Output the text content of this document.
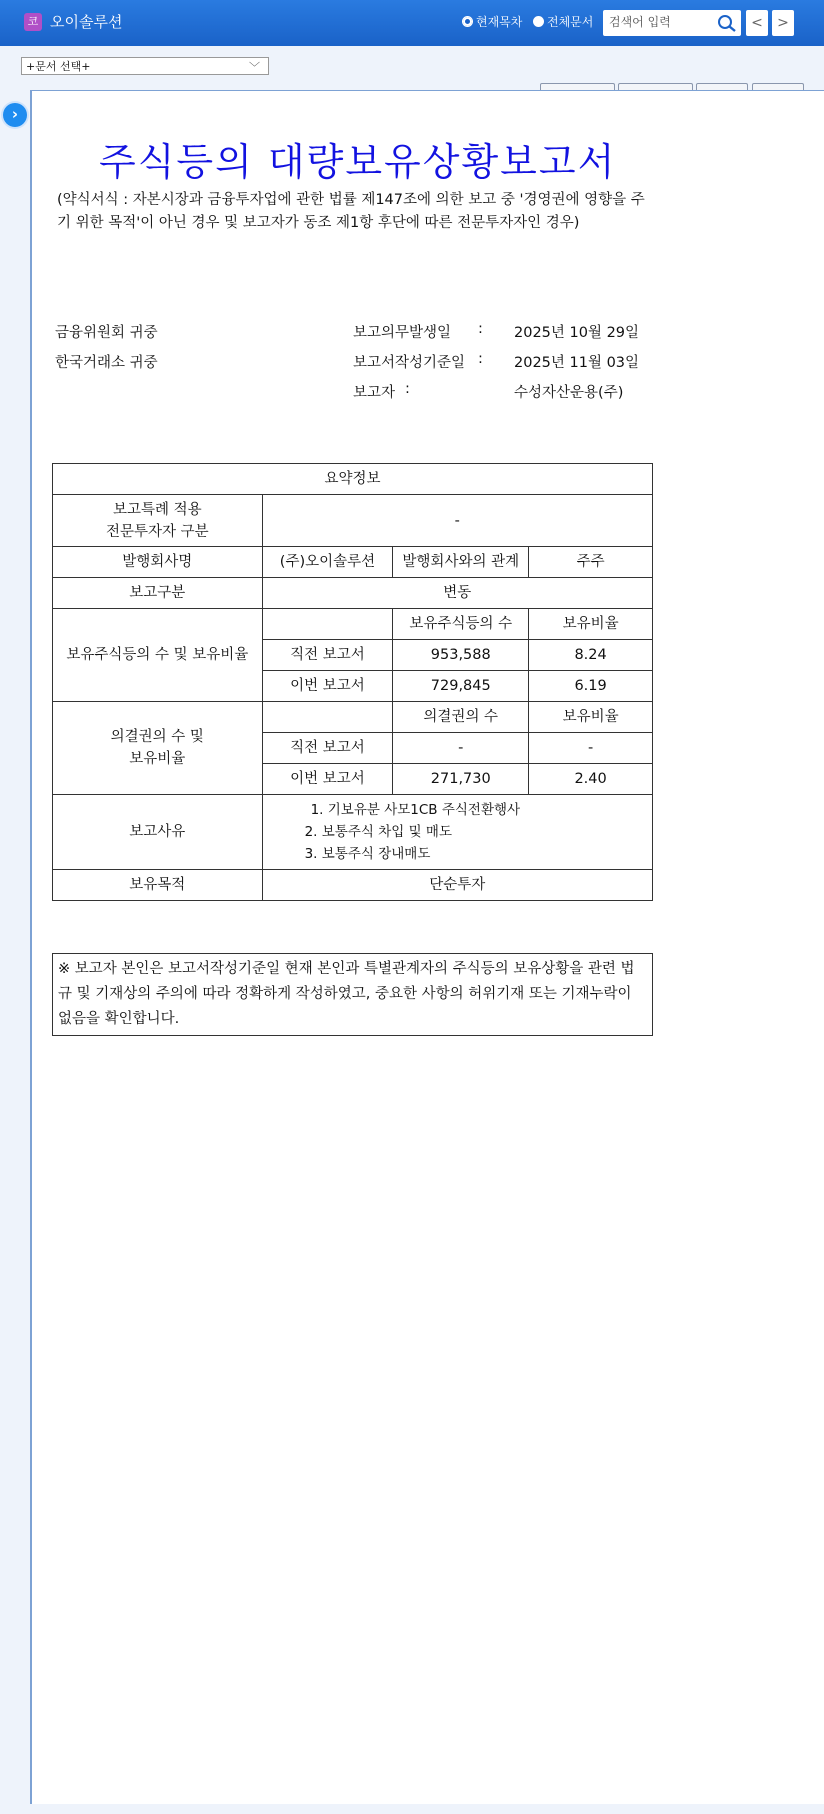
코 오이솔루션	현재목차	전체문서
검색어 입력	<	>
+문서 선택+	﹀
주식등의 대량보유상황보고서
(약식서식 : 자본시장과 금융투자업에 관한 법률 제147조에 의한 보고 중 '경영권에 영향을 주기 위한 목적'이 아닌 경우 및 보고자가 동조 제1항 후단에 따른 전문투자자인 경우)
금융위원회 귀중
한국거래소 귀중
보고의무발생일 : 2025년 10월 29일
보고서작성기준일 : 2025년 11월 03일
보고자 :	수성자산운용(주)
요약정보			

보고특례 적용
전문투자자 구분	-		
발행회사명	(주)오이솔루션	발행회사와의 관계	주주
보고구분	변동		
보유주식등의 수 및 보유비율		보유주식등의 수	보유비율
	직전 보고서	953,588	8.24
	이번 보고서	729,845	6.19

의결권의 수 및
보유비율		의결권의 수	보유비율
	직전 보고서	-	-
	이번 보고서	271,730	2.40
보고사유	1. 기보유분 사모1CB 주식전환행사
2. 보통주식 차입 및 매도
3. 보통주식 장내매도		

보유목적	단순투자		
※ 보고자 본인은 보고서작성기준일 현재 본인과 특별관계자의 주식등의 보유상황을 관련 법규 및 기재상의 주의에 따라 정확하게 작성하였고, 중요한 사항의 허위기재 또는 기재누락이 없음을 확인합니다.
›
